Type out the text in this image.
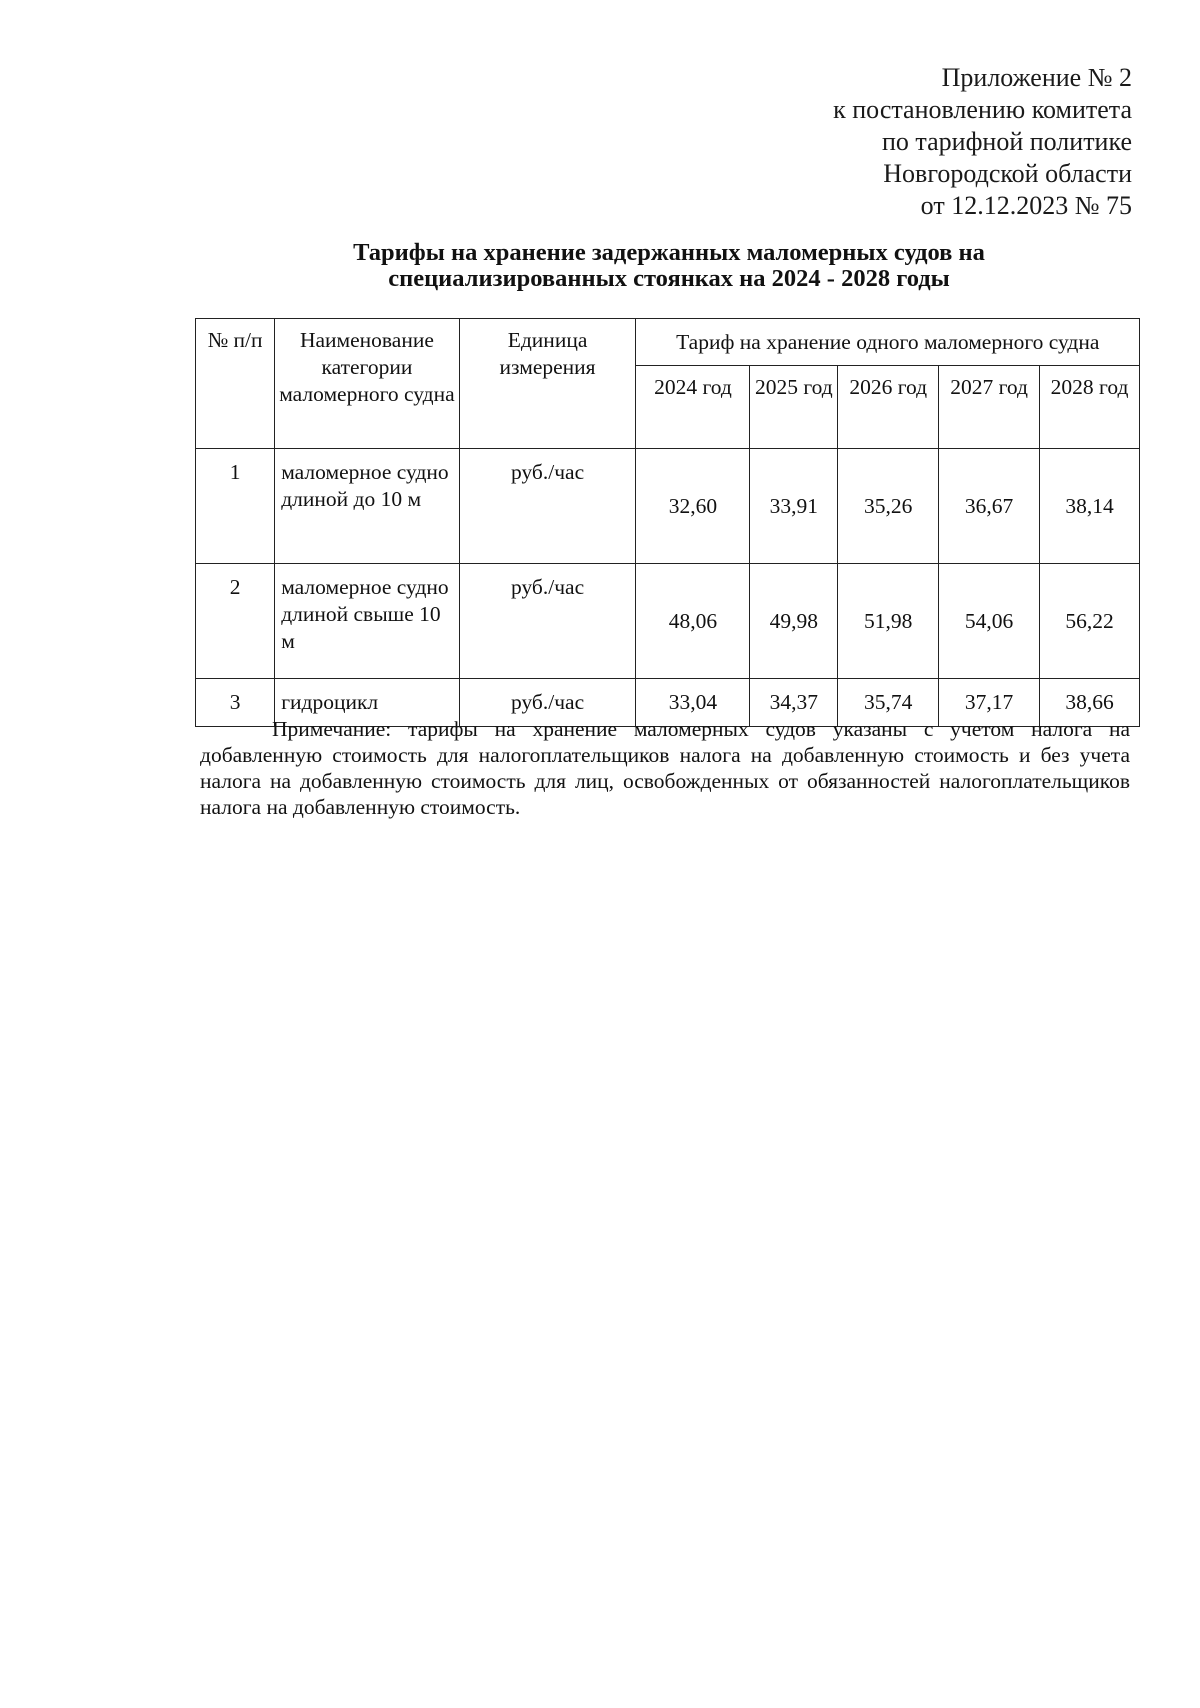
Приложение № 2
к постановлению комитета
по тарифной политике
Новгородской области
от 12.12.2023 № 75
Тарифы на хранение задержанных маломерных судов на
специализированных стоянках на 2024 - 2028 годы
№ п/п	Наименование категории маломерного судна	Единица измерения	Тариф на хранение одного маломерного судна				
			2024 год	2025 год	2026 год	2027 год	2028 год
1	маломерное судно длиной до 10 м	руб./час	32,60	33,91	35,26	36,67	38,14
2	маломерное судно длиной свыше 10 м	руб./час	48,06	49,98	51,98	54,06	56,22
3	гидроцикл	руб./час	33,04	34,37	35,74	37,17	38,66
Примечание: тарифы на хранение маломерных судов указаны с учетом налога на добавленную стоимость для налогоплательщиков налога на добавленную стоимость и без учета налога на добавленную стоимость для лиц, освобожденных от обязанностей налогоплательщиков налога на добавленную стоимость.
